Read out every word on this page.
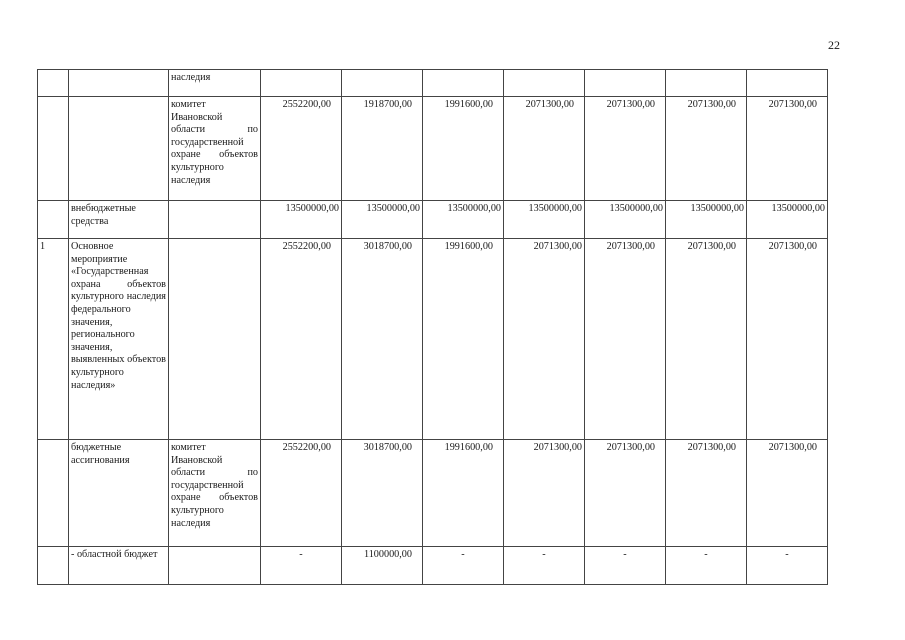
22
		наследия							
		комитет Ивановской области по государственной охране объектов культурного наследия	2552200,00	1918700,00	1991600,00	2071300,00	2071300,00	2071300,00	2071300,00
	внебюджетные средства		13500000,00	13500000,00	13500000,00	13500000,00	13500000,00	13500000,00	13500000,00
1	Основное мероприятие «Государственная охрана объектов культурного наследия федерального значения, регионального значения, выявленных объектов культурного наследия»		2552200,00	3018700,00	1991600,00	2071300,00	2071300,00	2071300,00	2071300,00
	бюджетные ассигнования	комитет Ивановской области по государственной охране объектов культурного наследия	2552200,00	3018700,00	1991600,00	2071300,00	2071300,00	2071300,00	2071300,00
	- областной бюджет		-	1100000,00	-	-	-	-	-
